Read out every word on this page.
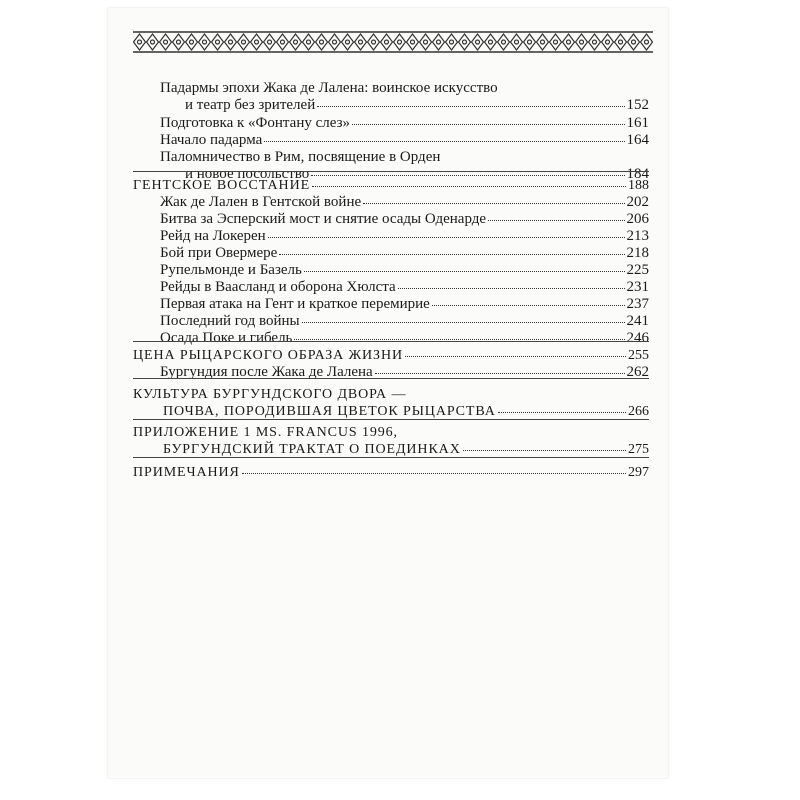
Падармы эпохи Жака де Лалена: воинское искусство
и театр без зрителей	152
Подготовка к «Фонтану слез»	161
Начало падарма	164
Паломничество в Рим, посвящение в Орден
и новое посольство	184
ГЕНТСКОЕ ВОССТАНИЕ	188
Жак де Лален в Гентской войне	202
Битва за Эсперский мост и снятие осады Оденарде	206
Рейд на Локерен	213
Бой при Овермере	218
Рупельмонде и Базель	225
Рейды в Вaасланд и оборона Хюлста	231
Первая атака на Гент и краткое перемирие	237
Последний год войны	241
Осада Поке и гибель	246
ЦЕНА РЫЦАРСКОГО ОБРАЗА ЖИЗНИ	255
Бургундия после Жака де Лалена	262
КУЛЬТУРА БУРГУНДСКОГО ДВОРА —
ПОЧВА, ПОРОДИВШАЯ ЦВЕТОК РЫЦАРСТВА	266
ПРИЛОЖЕНИЕ 1 MS. FRANCUS 1996,
БУРГУНДСКИЙ ТРАКТАТ О ПОЕДИНКАХ	275
ПРИМЕЧАНИЯ	297
